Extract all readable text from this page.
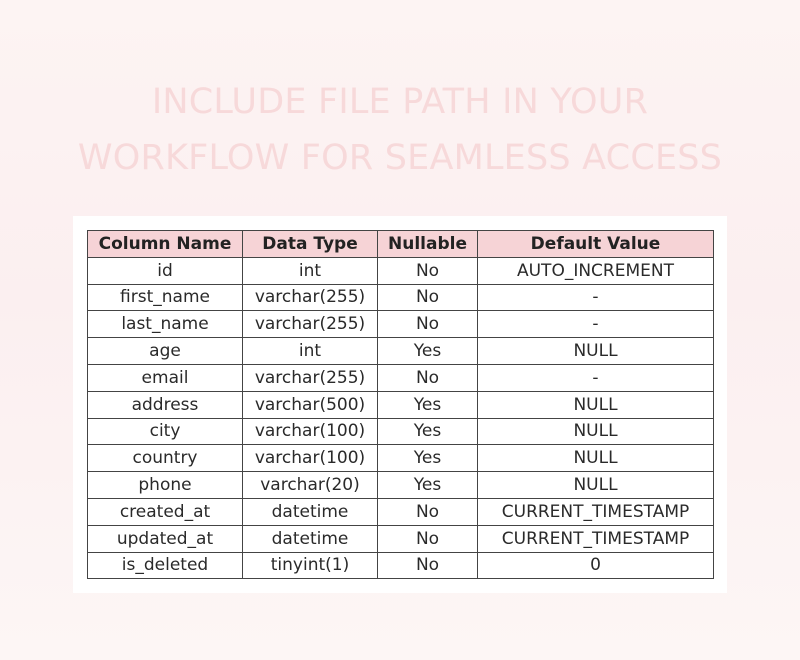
INCLUDE FILE PATH IN YOUR
WORKFLOW FOR SEAMLESS ACCESS
Column Name	Data Type	Nullable	Default Value
id	int	No	AUTO_INCREMENT
first_name	varchar(255)	No	-
last_name	varchar(255)	No	-
age	int	Yes	NULL
email	varchar(255)	No	-
address	varchar(500)	Yes	NULL
city	varchar(100)	Yes	NULL
country	varchar(100)	Yes	NULL
phone	varchar(20)	Yes	NULL
created_at	datetime	No	CURRENT_TIMESTAMP
updated_at	datetime	No	CURRENT_TIMESTAMP
is_deleted	tinyint(1)	No	0
